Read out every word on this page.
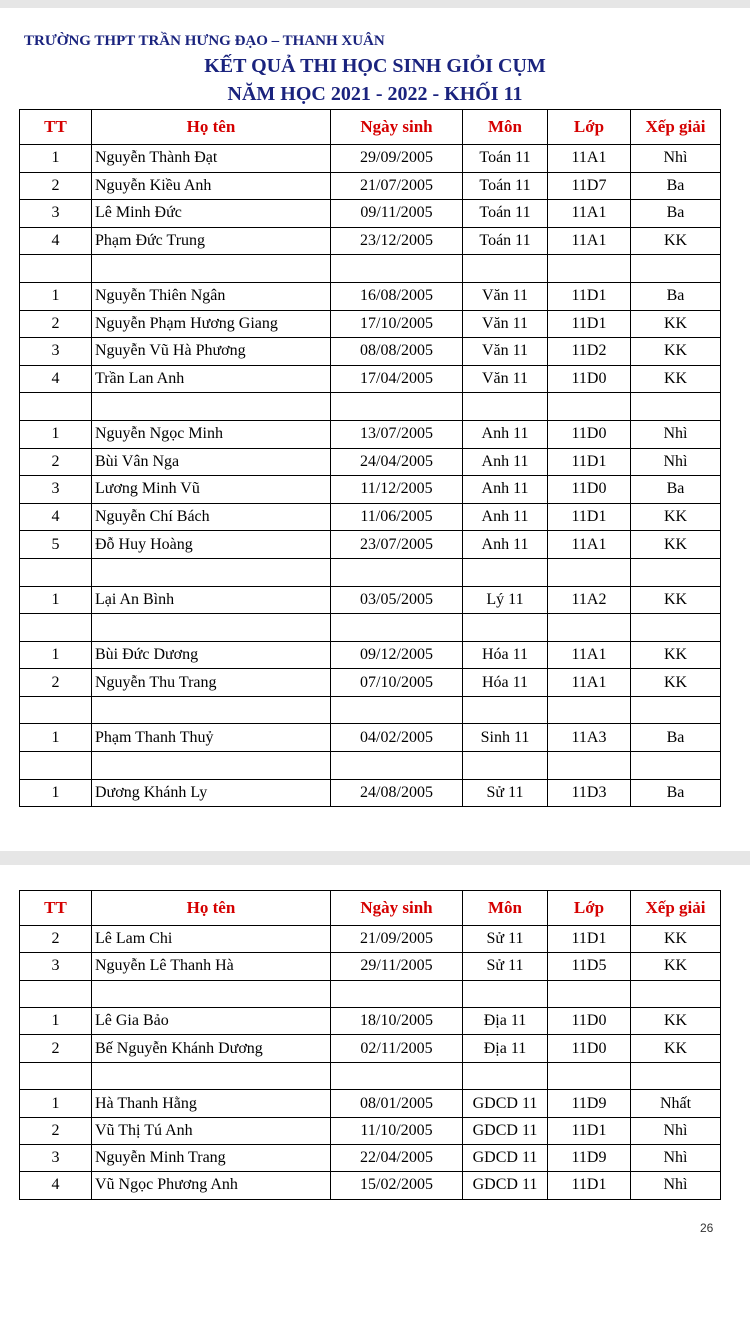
TRƯỜNG THPT TRẦN HƯNG ĐẠO – THANH XUÂN
KẾT QUẢ THI HỌC SINH GIỎI CỤM
NĂM HỌC 2021 - 2022 - KHỐI 11
TT	Họ tên	Ngày sinh	Môn	Lớp	Xếp giải
1	Nguyễn Thành Đạt	29/09/2005	Toán 11	11A1	Nhì
2	Nguyễn Kiều Anh	21/07/2005	Toán 11	11D7	Ba
3	Lê Minh Đức	09/11/2005	Toán 11	11A1	Ba
4	Phạm Đức Trung	23/12/2005	Toán 11	11A1	KK

1	Nguyễn Thiên Ngân	16/08/2005	Văn 11	11D1	Ba
2	Nguyễn Phạm Hương Giang	17/10/2005	Văn 11	11D1	KK
3	Nguyễn Vũ Hà Phương	08/08/2005	Văn 11	11D2	KK
4	Trần Lan Anh	17/04/2005	Văn 11	11D0	KK

1	Nguyễn Ngọc Minh	13/07/2005	Anh 11	11D0	Nhì
2	Bùi Vân Nga	24/04/2005	Anh 11	11D1	Nhì
3	Lương Minh Vũ	11/12/2005	Anh 11	11D0	Ba
4	Nguyễn Chí Bách	11/06/2005	Anh 11	11D1	KK
5	Đỗ Huy Hoàng	23/07/2005	Anh 11	11A1	KK

1	Lại An Bình	03/05/2005	Lý 11	11A2	KK

1	Bùi Đức Dương	09/12/2005	Hóa 11	11A1	KK
2	Nguyễn Thu Trang	07/10/2005	Hóa 11	11A1	KK

1	Phạm Thanh Thuỷ	04/02/2005	Sinh 11	11A3	Ba

1	Dương Khánh Ly	24/08/2005	Sử 11	11D3	Ba
TT	Họ tên	Ngày sinh	Môn	Lớp	Xếp giải
2	Lê Lam Chi	21/09/2005	Sử 11	11D1	KK
3	Nguyễn Lê Thanh Hà	29/11/2005	Sử 11	11D5	KK

1	Lê Gia Bảo	18/10/2005	Địa 11	11D0	KK
2	Bế Nguyễn Khánh Dương	02/11/2005	Địa 11	11D0	KK

1	Hà Thanh Hằng	08/01/2005	GDCD 11	11D9	Nhất
2	Vũ Thị Tú Anh	11/10/2005	GDCD 11	11D1	Nhì
3	Nguyễn Minh Trang	22/04/2005	GDCD 11	11D9	Nhì
4	Vũ Ngọc Phương Anh	15/02/2005	GDCD 11	11D1	Nhì
26
